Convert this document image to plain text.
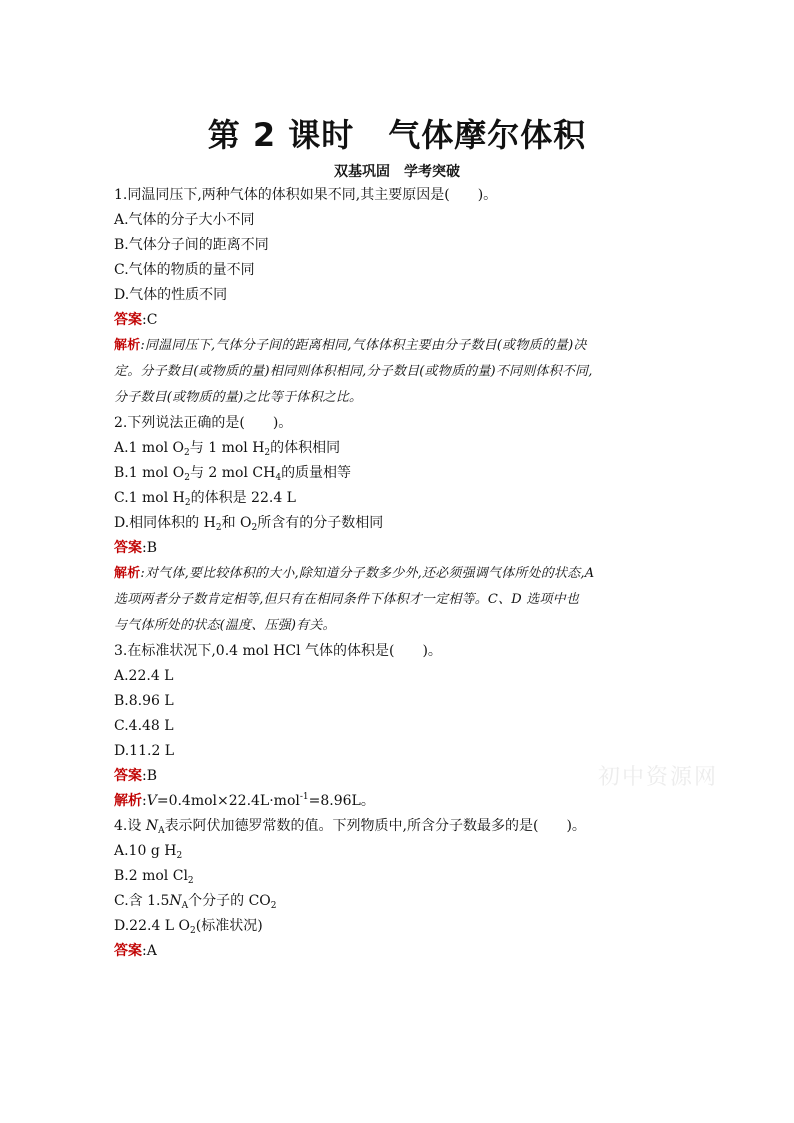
第 2 课时 气体摩尔体积
双基巩固 学考突破
1.同温同压下,两种气体的体积如果不同,其主要原因是(　　)。
A.气体的分子大小不同
B.气体分子间的距离不同
C.气体的物质的量不同
D.气体的性质不同
答案:C
解析:同温同压下,气体分子间的距离相同,气体体积主要由分子数目(或物质的量)决
定。分子数目(或物质的量)相同则体积相同,分子数目(或物质的量)不同则体积不同,
分子数目(或物质的量)之比等于体积之比。
2.下列说法正确的是(　　)。
A.1 mol $O_2$与 1 mol $H_2$的体积相同
B.1 mol $O_2$与 2 mol $CH_4$的质量相等
C.1 mol $H_2$的体积是 22.4 L
D.相同体积的 $H_2$和 $O_2$所含有的分子数相同
答案:B
解析:对气体,要比较体积的大小,除知道分子数多少外,还必须强调气体所处的状态,A
选项两者分子数肯定相等,但只有在相同条件下体积才一定相等。C、D 选项中也
与气体所处的状态(温度、压强)有关。
3.在标准状况下,0.4 mol HCl 气体的体积是(　　)。
A.22.4 L
B.8.96 L
C.4.48 L
D.11.2 L
答案:B
解析:V=0.4mol×22.4L·mol$^{-1}$=8.96L。
4.设 $N_A$表示阿伏加德罗常数的值。下列物质中,所含分子数最多的是(　　)。
A.10 g $H_2$
B.2 mol $Cl_2$
C.含 $1.5N_A$个分子的 $CO_2$
D.22.4 L $O_2$(标准状况)
答案:A
初中资源网
